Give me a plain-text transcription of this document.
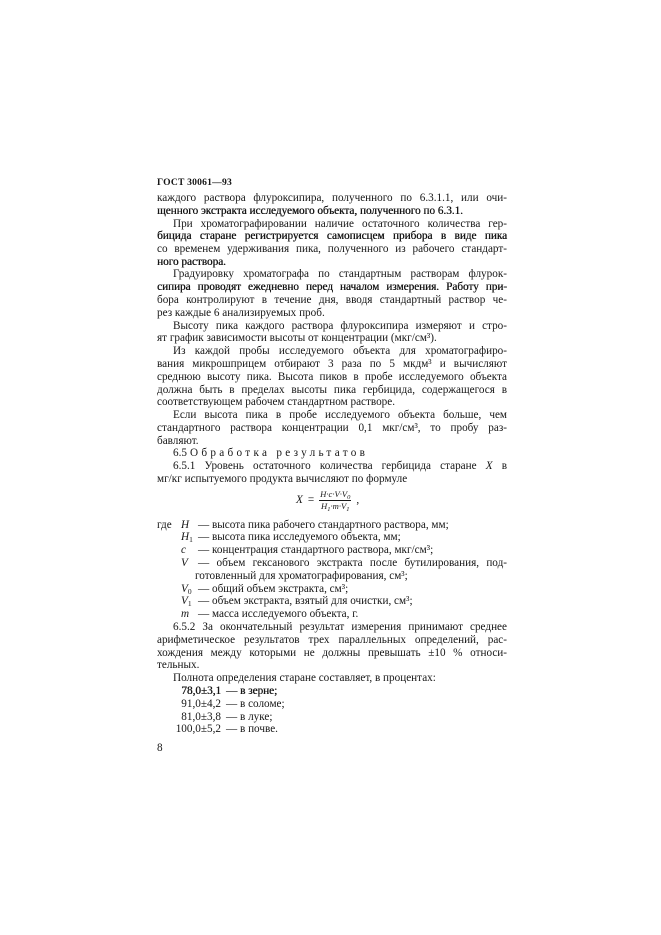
ГОСТ 30061—93
каждого раствора флуроксипира, полученного по 6.3.1.1, или очи-
щенного экстракта исследуемого объекта, полученного по 6.3.1.
При хроматографировании наличие остаточного количества гер-
бицида старане регистрируется самописцем прибора в виде пика
со временем удерживания пика, полученного из рабочего стандарт-
ного раствора.
Градуировку хроматографа по стандартным растворам флурок-
сипира проводят ежедневно перед началом измерения. Работу при-
бора контролируют в течение дня, вводя стандартный раствор че-
рез каждые 6 анализируемых проб.
Высоту пика каждого раствора флуроксипира измеряют и стро-
ят график зависимости высоты от концентрации (мкг/см³).
Из каждой пробы исследуемого объекта для хроматографиро-
вания микрошприцем отбирают 3 раза по 5 мкдм³ и вычисляют
среднюю высоту пика. Высота пиков в пробе исследуемого объекта
должна быть в пределах высоты пика гербицида, содержащегося в
соответствующем рабочем стандартном растворе.
Если высота пика в пробе исследуемого объекта больше, чем
стандартного раствора концентрации 0,1 мкг/см³, то пробу раз-
бавляют.
6.5 Обработка результатов
6.5.1 Уровень остаточного количества гербицида старане X в
мг/кг испытуемого продукта вычисляют по формуле
$X = \frac{H\cdot c\cdot V\cdot V_0}{H_1\cdot m\cdot V_1}$ ,
где H — высота пика рабочего стандартного раствора, мм;
$H_1$ — высота пика исследуемого объекта, мм;
c — концентрация стандартного раствора, мкг/см³;
V — объем гексанового экстракта после бутилирования, под-
готовленный для хроматографирования, см³;
$V_0$ — общий объем экстракта, см³;
$V_1$ — объем экстракта, взятый для очистки, см³;
m — масса исследуемого объекта, г.
6.5.2 За окончательный результат измерения принимают среднее
арифметическое результатов трех параллельных определений, рас-
хождения между которыми не должны превышать ±10 % относи-
тельных.
Полнота определения старане составляет, в процентах:
78,0±3,1 — в зерне;
91,0±4,2 — в соломе;
81,0±3,8 — в луке;
100,0±5,2 — в почве.
8
